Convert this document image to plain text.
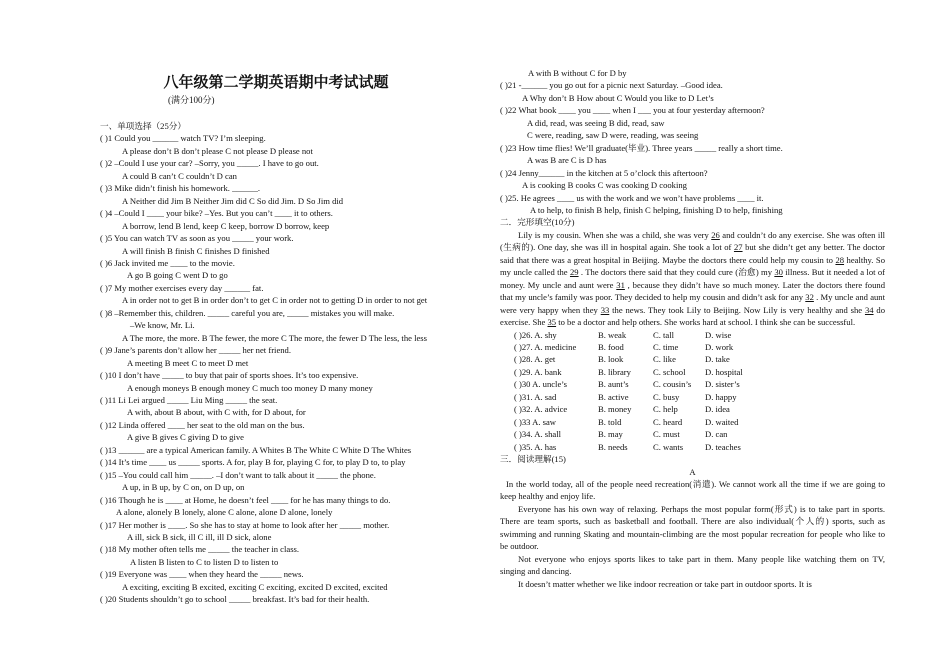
八年级第二学期英语期中考试试题
(满分100分)
一、单项选择（25分）
( )1 Could you ______ watch TV? I’m sleeping.
A please don’t B don’t please C not please D please not
( )2 –Could I use your car? –Sorry, you _____. I have to go out.
A could B can’t C couldn’t D can
( )3 Mike didn’t finish his homework. ______.
A Neither did Jim B Neither Jim did C So did Jim. D So Jim did
( )4 –Could I ____ your bike? –Yes. But you can’t ____ it to others.
A borrow, lend B lend, keep C keep, borrow D borrow, keep
( )5 You can watch TV as soon as you _____ your work.
A will finish B finish C finishes D finished
( )6 Jack invited me ____ to the movie.
A go B going C went D to go
( )7 My mother exercises every day ______ fat.
A in order not to get B in order don’t to get C in order not to getting D in order to not get
( )8 –Remember this, children. _____ careful you are, _____ mistakes you will make.
–We know, Mr. Li.
A The more, the more. B The fewer, the more C The more, the fewer D The less, the less
( )9 Jane’s parents don’t allow her _____ her net friend.
A meeting B meet C to meet D met
( )10 I don’t have _____ to buy that pair of sports shoes. It’s too expensive.
A enough moneys B enough money C much too money D many money
( )11 Li Lei argued _____ Liu Ming _____ the seat.
A with, about B about, with C with, for D about, for
( )12 Linda offered ____ her seat to the old man on the bus.
A give B gives C giving D to give
( )13 ______ are a typical American family. A Whites B The White C White D The Whites
( )14 It’s time ____ us _____ sports. A for, play B for, playing C for, to play D to, to play
( )15 –You could call him _____. –I don’t want to talk about it _____ the phone.
A up, in B up, by C on, on D up, on
( )16 Though he is ____ at Home, he doesn’t feel ____ for he has many things to do.
A alone, alonely B lonely, alone C alone, alone D alone, lonely
( )17 Her mother is ____. So she has to stay at home to look after her _____ mother.
A ill, sick B sick, ill C ill, ill D sick, alone
( )18 My mother often tells me _____ the teacher in class.
A listen B listen to C to listen D to listen to
( )19 Everyone was ____ when they heard the _____ news.
A exciting, exciting B excited, exciting C exciting, excited D excited, excited
( )20 Students shouldn’t go to school _____ breakfast. It’s bad for their health.
A with B without C for D by
( )21 -______ you go out for a picnic next Saturday. –Good idea.
A Why don’t B How about C Would you like to D Let’s
( )22 What book ____ you ____ when I ___ you at four yesterday afternoon?
A did, read, was seeing B did, read, saw
C were, reading, saw D were, reading, was seeing
( )23 How time flies! We’ll graduate(毕业). Three years _____ really a short time.
A was B are C is D has
( )24 Jenny______ in the kitchen at 5 o’clock this aftertoon?
A is cooking B cooks C was cooking D cooking
( )25. He agrees ____ us with the work and we won’t have problems ____ it.
A to help, to finish B help, finish C helping, finishing D to help, finishing
二．完形填空(10分)
Lily is my cousin. When she was a child, she was very 26 and couldn’t do any exercise. She was often ill (生病的). One day, she was ill in hospital again. She took a lot of 27 but she didn’t get any better. The doctor said that there was a great hospital in Beijing. Maybe the doctors there could help my cousin to 28 healthy. So my uncle called the 29 . The doctors there said that they could cure (治愈) my 30 illness. But it needed a lot of money. My uncle and aunt were 31 , because they didn’t have so much money. Later the doctors there found that my uncle’s family was poor. They decided to help my cousin and didn’t ask for any 32 . My uncle and aunt were very happy when they 33 the news. They took Lily to Beijing. Now Lily is very healthy and she 34 do exercise. She 35 to be a doctor and help others. She works hard at school. I think she can be successful.
( )26. A. shy	B. weak	C. tall	D. wise
( )27. A. medicine	B. food	C. time	D. work
( )28. A. get	B. look	C. like	D. take
( )29. A. bank	B. library	C. school	D. hospital
( )30 A. uncle’s	B. aunt’s	C. cousin’s	D. sister’s
( )31. A. sad	B. active	C. busy	D. happy
( )32. A. advice	B. money	C. help	D. idea
( )33 A. saw	B. told	C. heard	D. waited
( )34. A. shall	B. may	C. must	D. can
( )35. A. has	B. needs	C. wants	D. teaches
三．阅读理解(15)
A
In the world today, all of the people need recreation(消遣). We cannot work all the time if we are going to keep healthy and enjoy life.
Everyone has his own way of relaxing. Perhaps the most popular form(形式) is to take part in sports. There are team sports, such as basketball and football. There are also individual(个人的) sports, such as swimming and running Skating and mountain-climbing are the most popular recreation for people who like to be outdoor.
Not everyone who enjoys sports likes to take part in them. Many people like watching them on TV, singing and dancing.
It doesn’t matter whether we like indoor recreation or take part in outdoor sports. It is
